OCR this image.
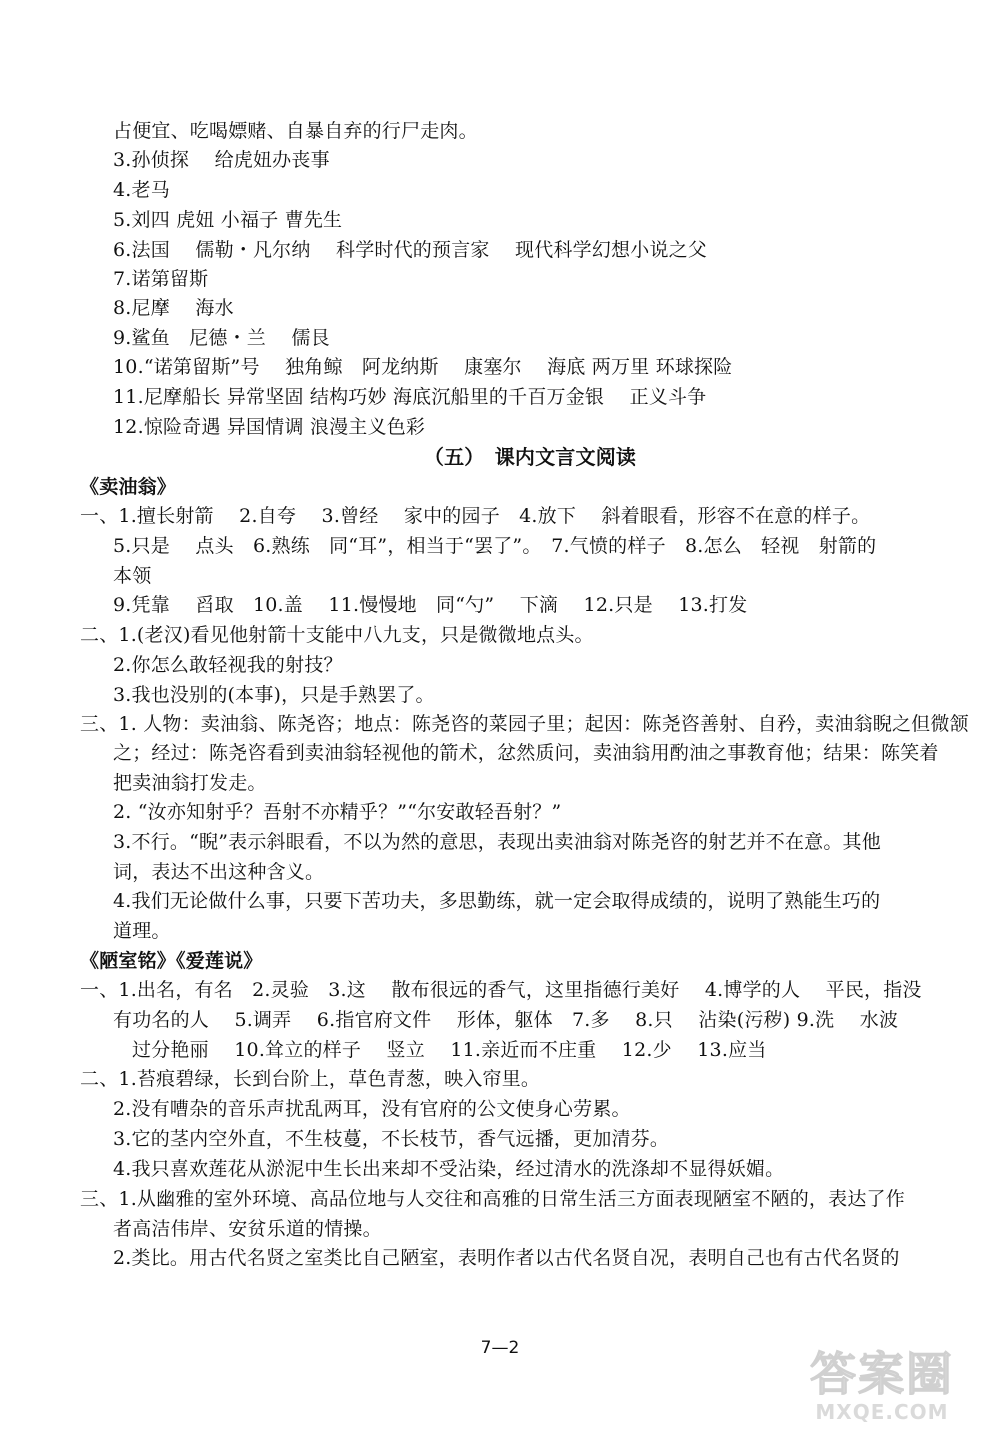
占便宜、吃喝嫖赌、自暴自弃的行尸走肉。
3.孙侦探　 给虎妞办丧事
4.老马
5.刘四 虎妞 小福子 曹先生
6.法国　 儒勒・凡尔纳　 科学时代的预言家　 现代科学幻想小说之父
7.诺第留斯
8.尼摩　 海水
9.鲨鱼　尼德・兰　 儒艮
10.“诺第留斯”号　 独角鲸　阿龙纳斯　 康塞尔　 海底 两万里 环球探险
11.尼摩船长 异常坚固 结构巧妙 海底沉船里的千百万金银　 正义斗争
12.惊险奇遇 异国情调 浪漫主义色彩
（五）　课内文言文阅读
《卖油翁》
一、1.擅长射箭　 2.自夸　 3.曾经　 家中的园子　4.放下　 斜着眼看，形容不在意的样子。
5.只是　 点头　6.熟练　同“耳”，相当于“罢了”。　7.气愤的样子　8.怎么　轻视　射箭的
本领
9.凭靠　 舀取　10.盖　 11.慢慢地　同“勺”　 下滴　 12.只是　 13.打发
二、1.(老汉)看见他射箭十支能中八九支，只是微微地点头。
2.你怎么敢轻视我的射技？
3.我也没别的(本事)，只是手熟罢了。
三、1. 人物：卖油翁、陈尧咨；地点：陈尧咨的菜园子里；起因：陈尧咨善射、自矜，卖油翁睨之但微颔
之；经过：陈尧咨看到卖油翁轻视他的箭术，忿然质问，卖油翁用酌油之事教育他；结果：陈笑着
把卖油翁打发走。
2. “汝亦知射乎？吾射不亦精乎？”“尔安敢轻吾射？”
3.不行。“睨”表示斜眼看，不以为然的意思，表现出卖油翁对陈尧咨的射艺并不在意。其他
词，表达不出这种含义。
4.我们无论做什么事，只要下苦功夫，多思勤练，就一定会取得成绩的，说明了熟能生巧的
道理。
《陋室铭》《爱莲说》
一、1.出名，有名　2.灵验　3.这　 散布很远的香气，这里指德行美好　 4.博学的人　 平民，指没
有功名的人　 5.调弄　 6.指官府文件　 形体，躯体　7.多　 8.只　 沾染(污秽) 9.洗　 水波
过分艳丽　 10.耸立的样子　 竖立　 11.亲近而不庄重　 12.少　 13.应当
二、1.苔痕碧绿，长到台阶上，草色青葱，映入帘里。
2.没有嘈杂的音乐声扰乱两耳，没有官府的公文使身心劳累。
3.它的茎内空外直，不生枝蔓，不长枝节，香气远播，更加清芬。
4.我只喜欢莲花从淤泥中生长出来却不受沾染，经过清水的洗涤却不显得妖媚。
三、1.从幽雅的室外环境、高品位地与人交往和高雅的日常生活三方面表现陋室不陋的，表达了作
者高洁伟岸、安贫乐道的情操。
2.类比。用古代名贤之室类比自己陋室，表明作者以古代名贤自况，表明自己也有古代名贤的
7—2	答案圈
MXQE.COM
